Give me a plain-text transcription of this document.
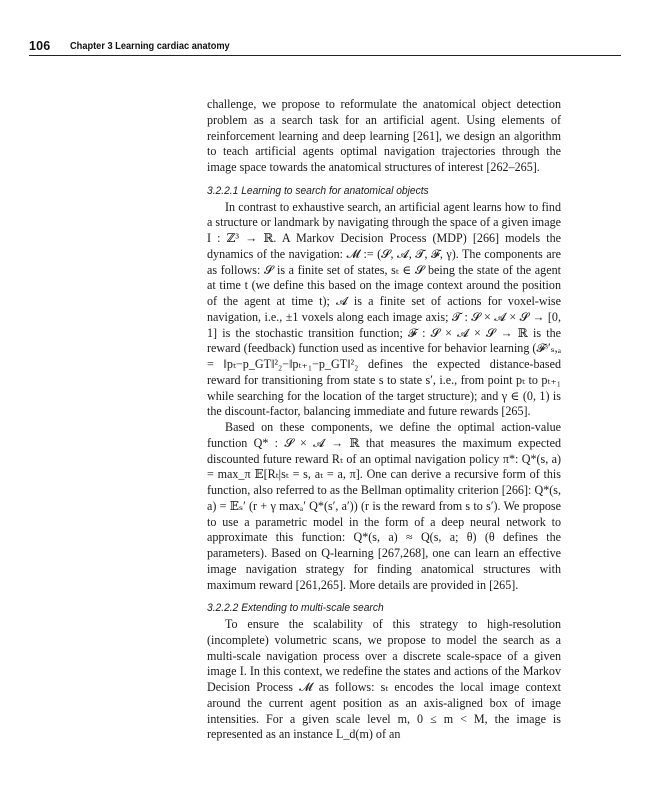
106 Chapter 3 Learning cardiac anatomy

challenge, we propose to reformulate the anatomical object detection problem as a search task for an artificial agent. Using elements of reinforcement learning and deep learning [261], we design an algorithm to teach artificial agents optimal navigation trajectories through the image space towards the anatomical structures of interest [262–265].

3.2.2.1 Learning to search for anatomical objects

In contrast to exhaustive search, an artificial agent learns how to find a structure or landmark by navigating through the space of a given image I : ℤ³ → ℝ. A Markov Decision Process (MDP) [266] models the dynamics of the navigation: 𝓜 := (𝓢, 𝓐, 𝓣, 𝓕, γ). The components are as follows: 𝓢 is a finite set of states, sₜ ∈ 𝓢 being the state of the agent at time t (we define this based on the image context around the position of the agent at time t); 𝓐 is a finite set of actions for voxel-wise navigation, i.e., ±1 voxels along each image axis; 𝓣 : 𝓢 × 𝓐 × 𝓢 → [0, 1] is the stochastic transition function; 𝓕 : 𝓢 × 𝓐 × 𝓢 → ℝ is the reward (feedback) function used as incentive for behavior learning (𝓕ˢ′ₛ,ₐ = ‖pₜ−p_GT‖²₂−‖pₜ₊₁−p_GT‖²₂ defines the expected distance-based reward for transitioning from state s to state s′, i.e., from point pₜ to pₜ₊₁ while searching for the location of the target structure); and γ ∈ (0, 1) is the discount-factor, balancing immediate and future rewards [265].

Based on these components, we define the optimal action-value function Q* : 𝓢 × 𝓐 → ℝ that measures the maximum expected discounted future reward Rₜ of an optimal navigation policy π*: Q*(s, a) = max_π 𝔼[Rₜ|sₜ = s, aₜ = a, π]. One can derive a recursive form of this function, also referred to as the Bellman optimality criterion [266]: Q*(s, a) = 𝔼ₛ′ (r + γ maxₐ′ Q*(s′, a′)) (r is the reward from s to s′). We propose to use a parametric model in the form of a deep neural network to approximate this function: Q*(s, a) ≈ Q(s, a; θ) (θ defines the parameters). Based on Q-learning [267,268], one can learn an effective image navigation strategy for finding anatomical structures with maximum reward [261,265]. More details are provided in [265].

3.2.2.2 Extending to multi-scale search

To ensure the scalability of this strategy to high-resolution (incomplete) volumetric scans, we propose to model the search as a multi-scale navigation process over a discrete scale-space of a given image I. In this context, we redefine the states and actions of the Markov Decision Process 𝓜 as follows: sₜ encodes the local image context around the current agent position as an axis-aligned box of image intensities. For a given scale level m, 0 ≤ m < M, the image is represented as an instance L_d(m) of an
